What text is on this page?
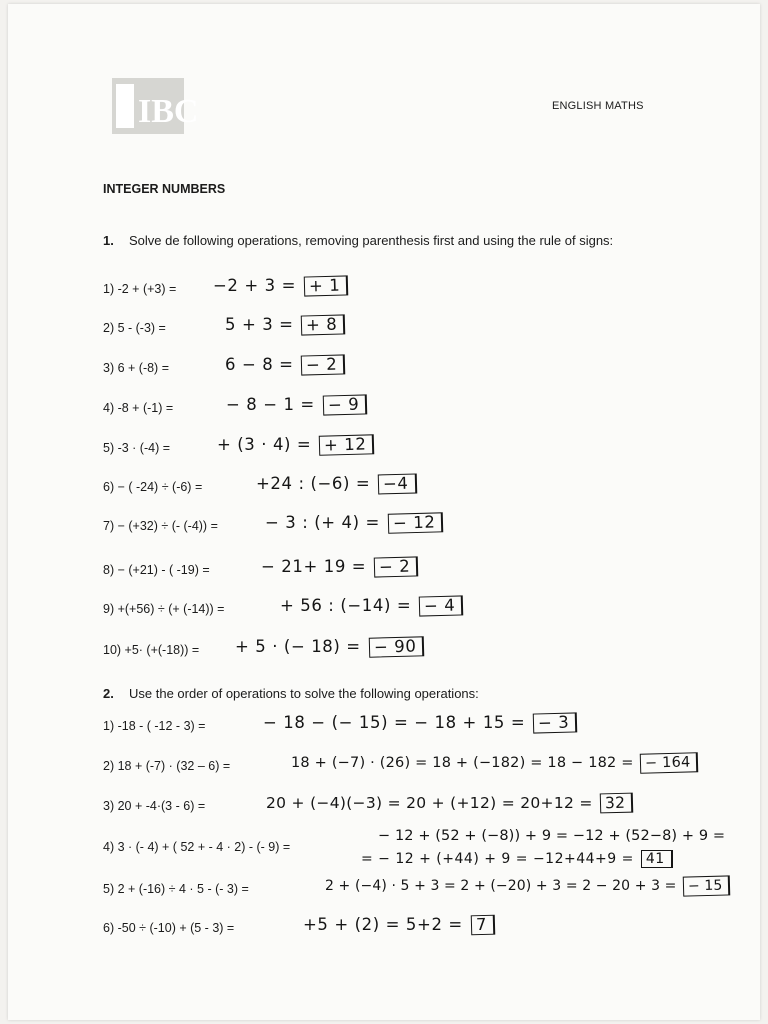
IBC	ENGLISH MATHS
INTEGER NUMBERS
1. Solve de following operations, removing parenthesis first and using the rule of signs:
1) -2 + (+3) = −2 + 3 = + 1
2) 5 - (-3) =	5 + 3 = + 8
3) 6 + (-8) =	6 − 8 = − 2
4) -8 + (-1) =	− 8 − 1 = − 9
5) -3 · (-4) =	+ (3 · 4) = + 12
6) − ( -24) ÷ (-6) =	+24 : (−6) = −4
7) − (+32) ÷ (- (-4)) =	− 3 : (+ 4) = − 12
8) − (+21) - ( -19) =	− 21+ 19 = − 2
9) +(+56) ÷ (+ (-14)) =	+ 56 : (−14) = − 4
10) +5· (+(-18)) = + 5 · (− 18) = − 90
2. Use the order of operations to solve the following operations:
1) -18 - ( -12 - 3) =	− 18 − (− 15) = − 18 + 15 = − 3
2) 18 + (-7) · (32 – 6) =	18 + (−7) · (26) = 18 + (−182) = 18 − 182 = − 164
3) 20 + -4·(3 - 6) =	20 + (−4)(−3) = 20 + (+12) = 20+12 = 32
4) 3 · (- 4) + ( 52 + - 4 · 2) - (- 9) =
− 12 + (52 + (−8)) + 9 = −12 + (52−8) + 9 =
= − 12 + (+44) + 9 = −12+44+9 = 41
5) 2 + (-16) ÷ 4 · 5 - (- 3) =	2 + (−4) · 5 + 3 = 2 + (−20) + 3 = 2 − 20 + 3 = − 15
6) -50 ÷ (-10) + (5 - 3) =	+5 + (2) = 5+2 = 7
